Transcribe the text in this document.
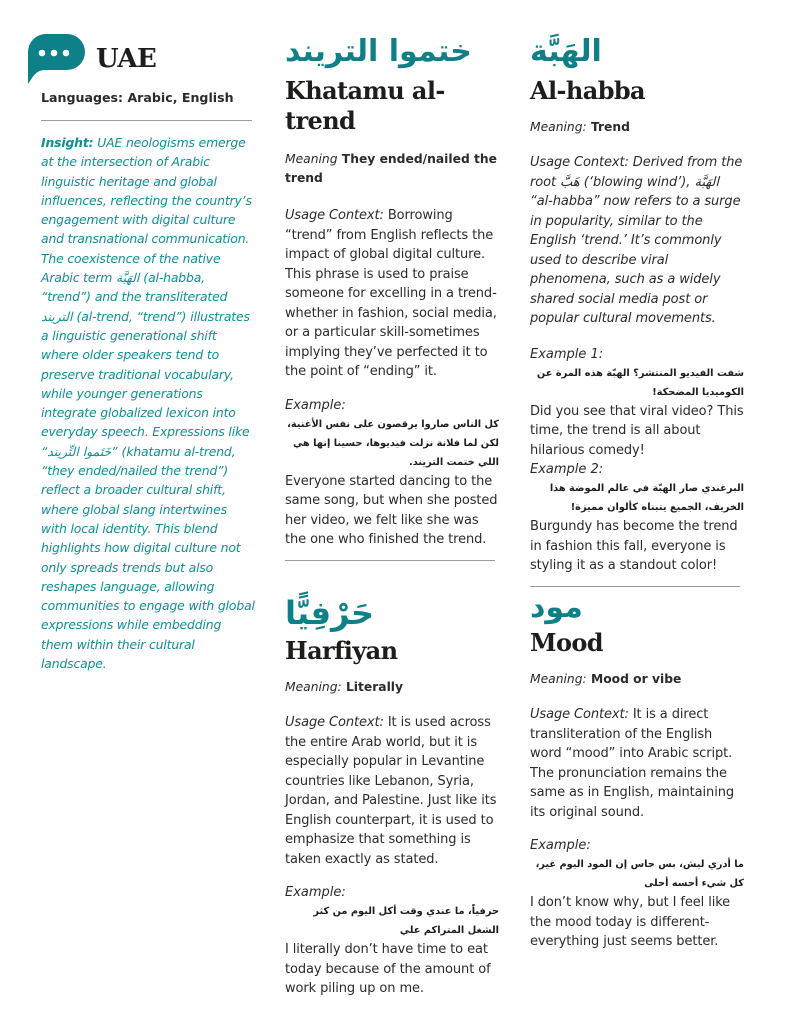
UAE
Languages: Arabic, English
Insight: UAE neologisms emerge at the intersection of Arabic linguistic heritage and global influences, reflecting the country’s engagement with digital culture and transnational communication. The coexistence of the native Arabic term الهَبَّة (al-habba, “trend”) and the transliterated التريند (al-trend, “trend”) illustrates a linguistic generational shift where older speakers tend to preserve traditional vocabulary, while younger generations integrate globalized lexicon into everyday speech. Expressions like “خَتَموا التِّريند” (khatamu al-trend, “they ended/nailed the trend”) reflect a broader cultural shift, where global slang intertwines with local identity. This blend highlights how digital culture not only spreads trends but also reshapes language, allowing communities to engage with global expressions while embedding them within their cultural landscape.
ختموا التريند
Khatamu al-trend
Meaning They ended/nailed the trend
Usage Context: Borrowing “trend” from English reflects the impact of global digital culture. This phrase is used to praise someone for excelling in a trend-whether in fashion, social media, or a particular skill-sometimes implying they’ve perfected it to the point of “ending” it.
Example:
كل الناس صاروا يرقصون على نفس الأغنية، لكن لما فلانة نزلت فيديوها، حسينا إنها هي اللي ختمت التريند.
Everyone started dancing to the same song, but when she posted her video, we felt like she was the one who finished the trend.
حَرْفِيًّا
Harfiyan
Meaning: Literally
Usage Context: It is used across the entire Arab world, but it is especially popular in Levantine countries like Lebanon, Syria, Jordan, and Palestine. Just like its English counterpart, it is used to emphasize that something is taken exactly as stated.
Example:
حرفياً، ما عندي وقت أكل اليوم من كثر الشغل المتراكم علي
I literally don’t have time to eat today because of the amount of work piling up on me.
الهَبَّة
Al-habba
Meaning: Trend
Usage Context: Derived from the root هَبَّ (‘blowing wind’), الهَبَّة “al-habba” now refers to a surge in popularity, similar to the English ‘trend.’ It’s commonly used to describe viral phenomena, such as a widely shared social media post or popular cultural movements.
Example 1:
شفت الفيديو المنتشر؟ الهبّة هذه المرة عن الكوميديا المضحكة!
Did you see that viral video? This time, the trend is all about hilarious comedy!
Example 2:
البرغندي صار الهبّة في عالم الموضة هذا الخريف، الجميع يتبناه كألوان مميزة!
Burgundy has become the trend in fashion this fall, everyone is styling it as a standout color!
مود
Mood
Meaning: Mood or vibe
Usage Context: It is a direct transliteration of the English word “mood” into Arabic script. The pronunciation remains the same as in English, maintaining its original sound.
Example:
ما أدري ليش، بس حاس إن المود اليوم غير، كل شيء أحسه أحلى
I don’t know why, but I feel like the mood today is different-everything just seems better.
